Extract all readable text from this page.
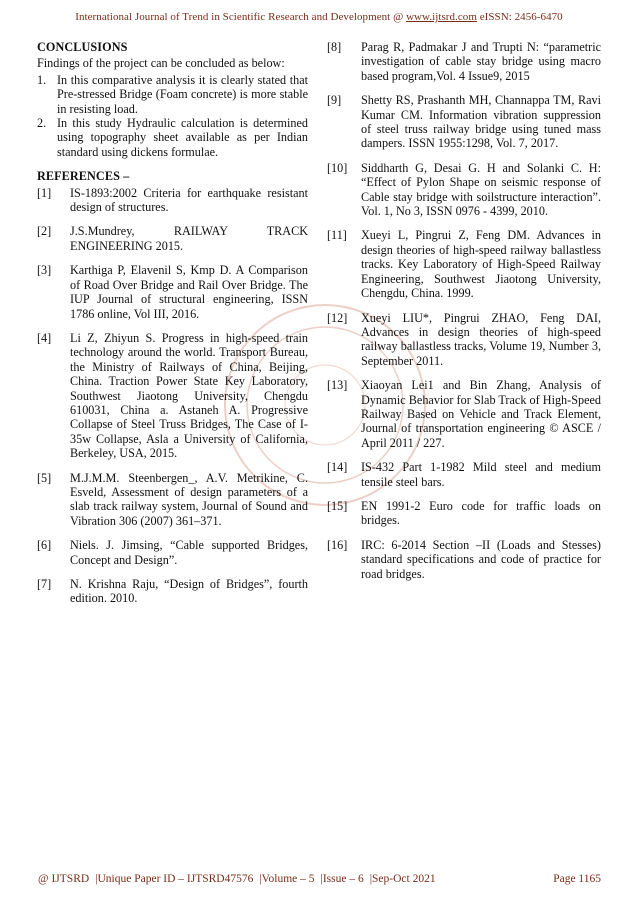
International Journal of Trend in Scientific Research and Development @ www.ijtsrd.com eISSN: 2456-6470
CONCLUSIONS
Findings of the project can be concluded as below:
1. In this comparative analysis it is clearly stated that Pre-stressed Bridge (Foam concrete) is more stable in resisting load.
2. In this study Hydraulic calculation is determined using topography sheet available as per Indian standard using dickens formulae.
REFERENCES –
[1] IS-1893:2002 Criteria for earthquake resistant design of structures.
[2] J.S.Mundrey, RAILWAY TRACK ENGINEERING 2015.
[3] Karthiga P, Elavenil S, Kmp D. A Comparison of Road Over Bridge and Rail Over Bridge. The IUP Journal of structural engineering, ISSN 1786 online, Vol III, 2016.
[4] Li Z, Zhiyun S. Progress in high-speed train technology around the world. Transport Bureau, the Ministry of Railways of China, Beijing, China. Traction Power State Key Laboratory, Southwest Jiaotong University, Chengdu 610031, China a. Astaneh A. Progressive Collapse of Steel Truss Bridges, The Case of I-35w Collapse, Asla a University of California, Berkeley, USA, 2015.
[5] M.J.M.M. Steenbergen_, A.V. Metrikine, C. Esveld, Assessment of design parameters of a slab track railway system, Journal of Sound and Vibration 306 (2007) 361–371.
[6] Niels. J. Jimsing, “Cable supported Bridges, Concept and Design”.
[7] N. Krishna Raju, “Design of Bridges”, fourth edition. 2010.
[8] Parag R, Padmakar J and Trupti N: “parametric investigation of cable stay bridge using macro based program,Vol. 4 Issue9, 2015
[9] Shetty RS, Prashanth MH, Channappa TM, Ravi Kumar CM. Information vibration suppression of steel truss railway bridge using tuned mass dampers. ISSN 1955:1298, Vol. 7, 2017.
[10] Siddharth G, Desai G. H and Solanki C. H: “Effect of Pylon Shape on seismic response of Cable stay bridge with soilstructure interaction”. Vol. 1, No 3, ISSN 0976 - 4399, 2010.
[11] Xueyi L, Pingrui Z, Feng DM. Advances in design theories of high-speed railway ballastless tracks. Key Laboratory of High-Speed Railway Engineering, Southwest Jiaotong University, Chengdu, China. 1999.
[12] Xueyi LIU*, Pingrui ZHAO, Feng DAI, Advances in design theories of high-speed railway ballastless tracks, Volume 19, Number 3, September 2011.
[13] Xiaoyan Lei1 and Bin Zhang, Analysis of Dynamic Behavior for Slab Track of High-Speed Railway Based on Vehicle and Track Element, Journal of transportation engineering © ASCE / April 2011 / 227.
[14] IS-432 Part 1-1982 Mild steel and medium tensile steel bars.
[15] EN 1991-2 Euro code for traffic loads on bridges.
[16] IRC: 6-2014 Section –II (Loads and Stesses) standard specifications and code of practice for road bridges.
@ IJTSRD |Unique Paper ID – IJTSRD47576 |Volume – 5 |Issue – 6 |Sep-Oct 2021	Page 1165
